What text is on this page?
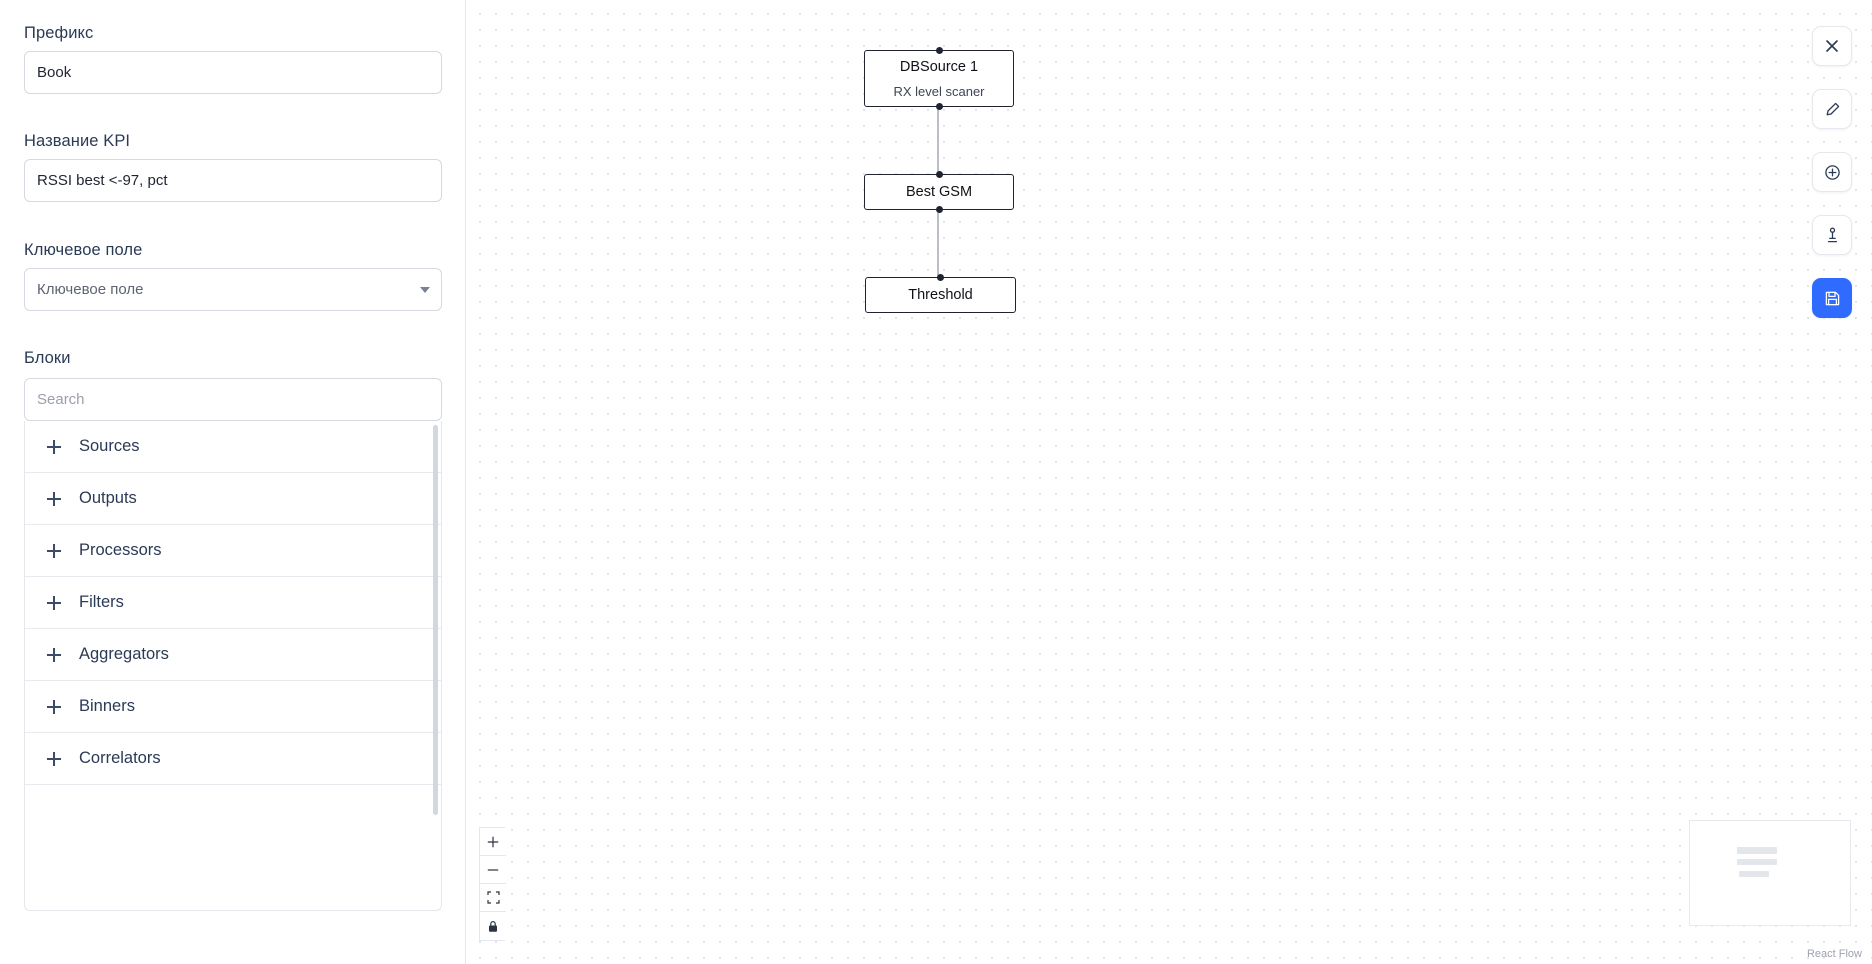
Префикс
Book
Название KPI
RSSI best <-97, pct
Ключевое поле
Ключевое поле
Блоки
Search
Sources
Outputs
Processors
Filters
Aggregators
Binners
Correlators
DBSource 1
RX level scaner
Best GSM
Threshold
React Flow
